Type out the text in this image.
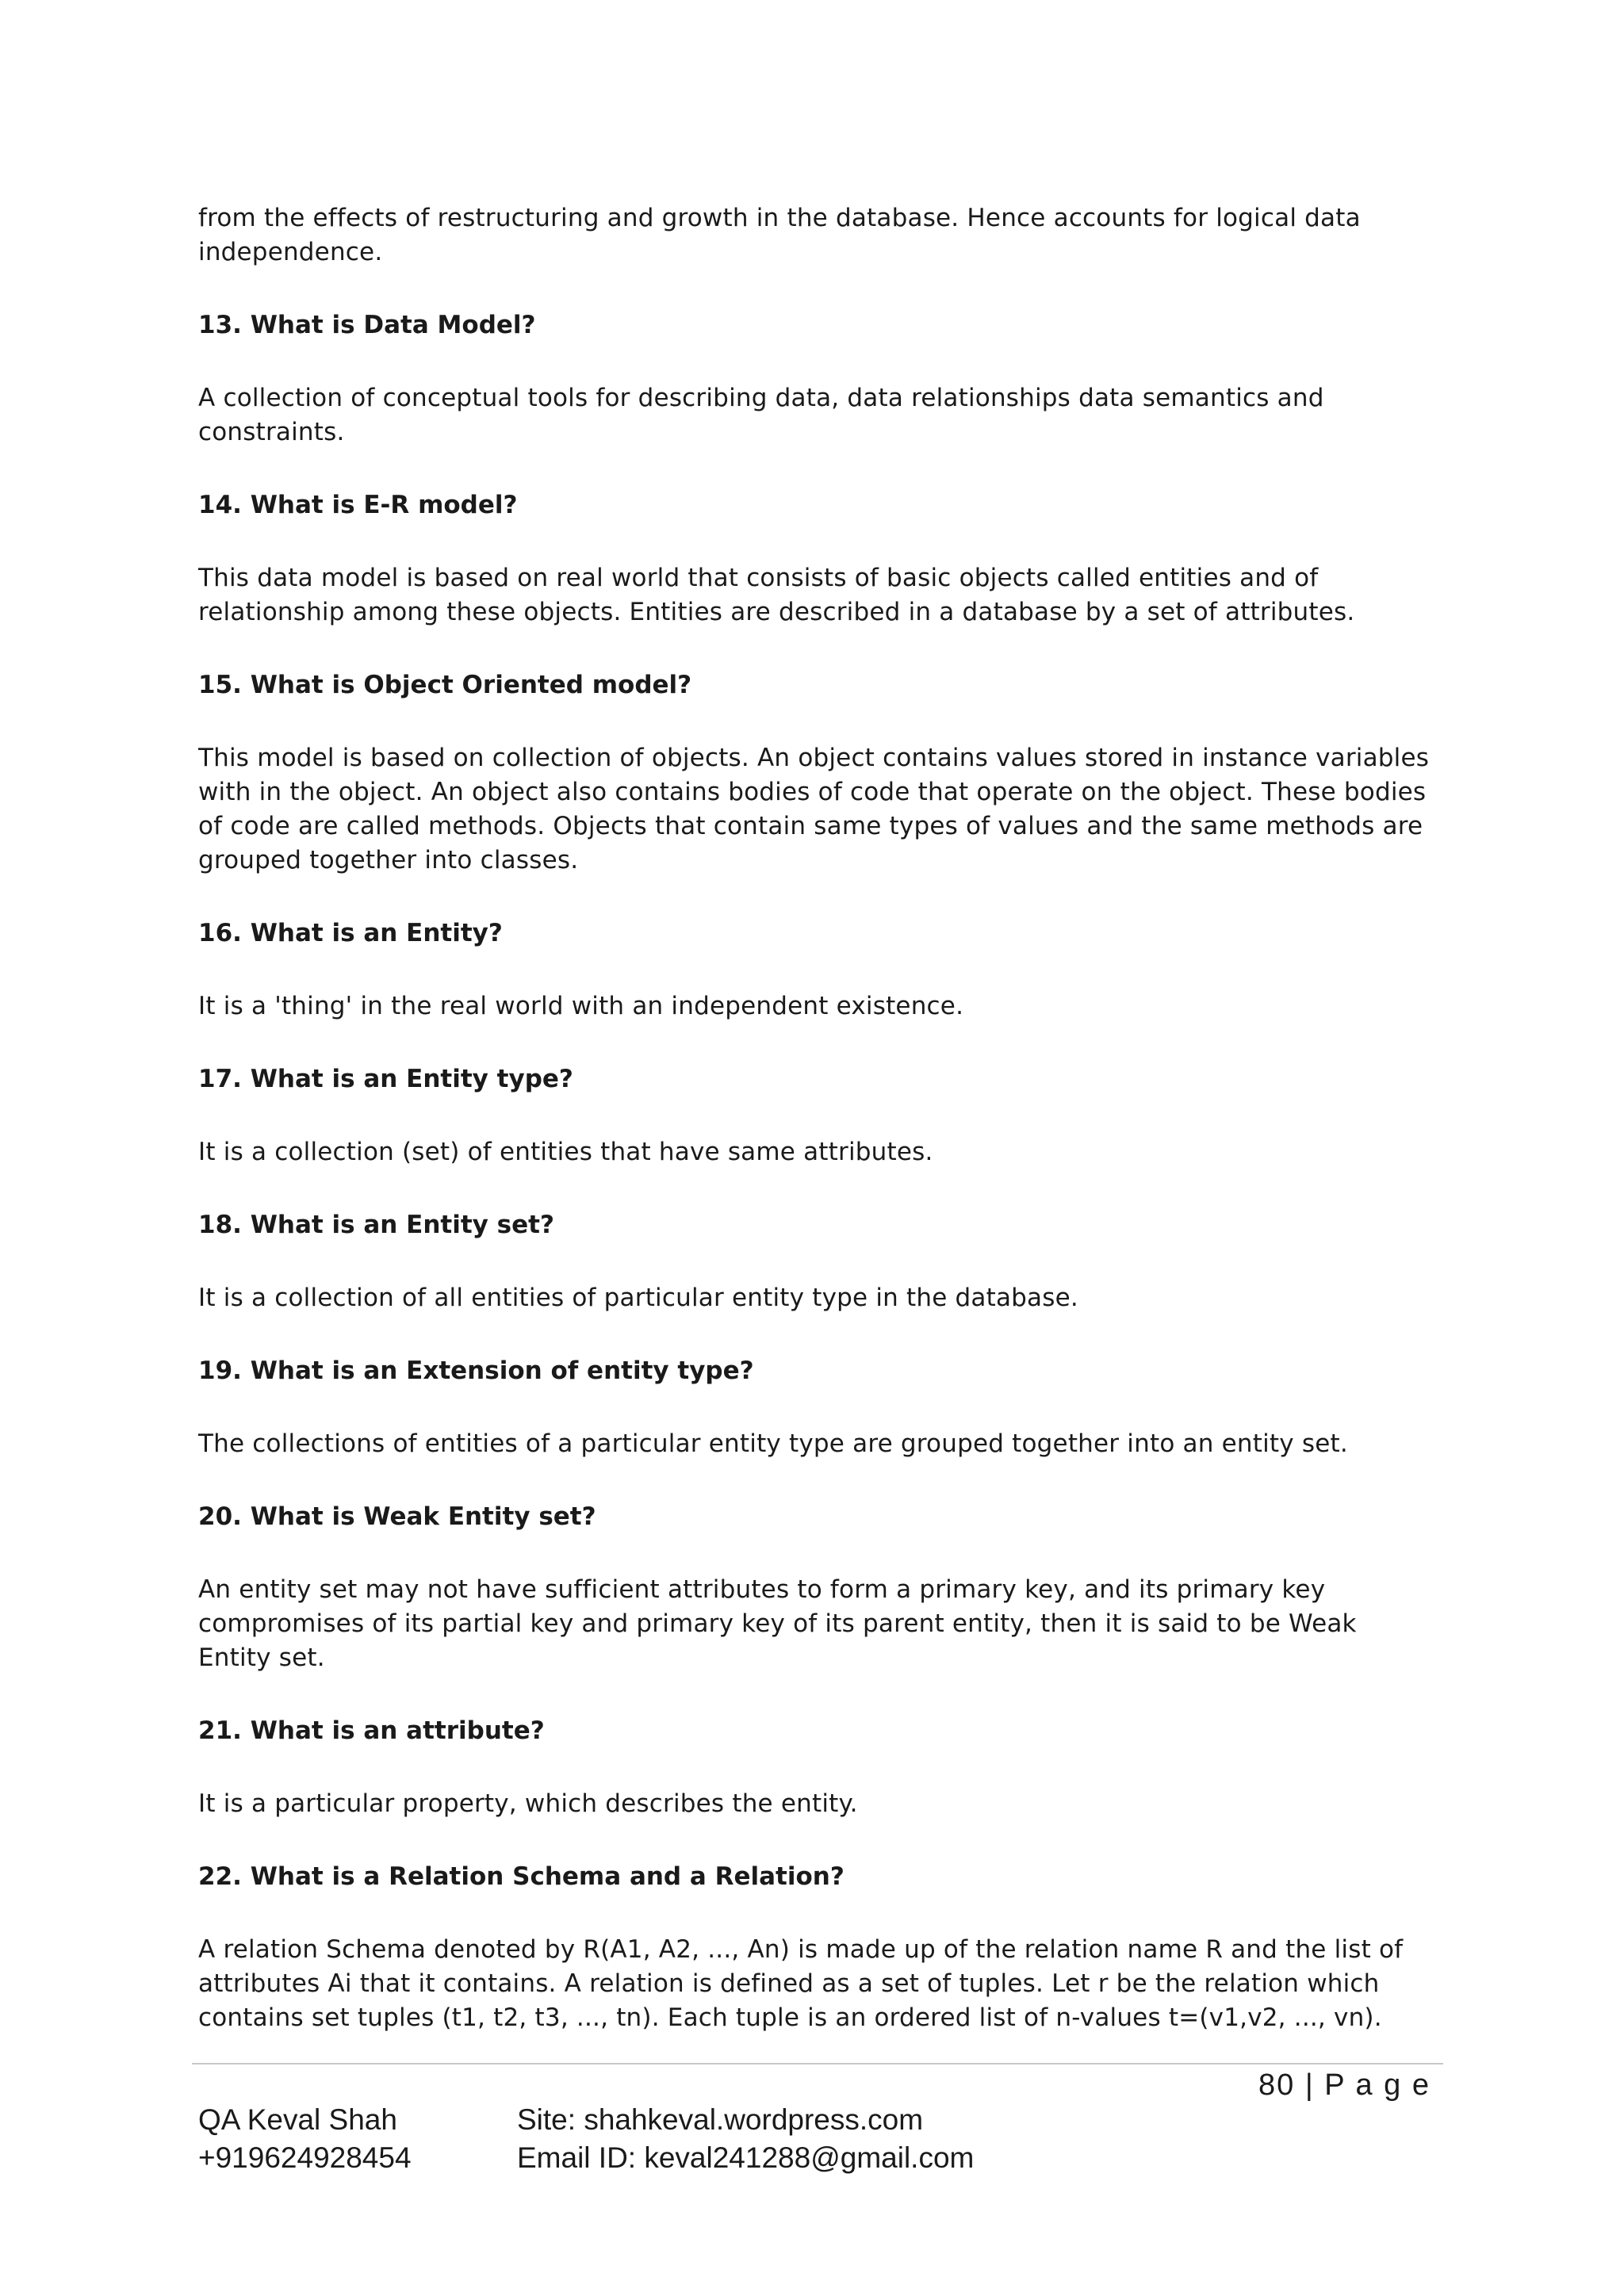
from the effects of restructuring and growth in the database. Hence accounts for logical data independence.

13. What is Data Model?

A collection of conceptual tools for describing data, data relationships data semantics and constraints.

14. What is E-R model?

This data model is based on real world that consists of basic objects called entities and of relationship among these objects. Entities are described in a database by a set of attributes.

15. What is Object Oriented model?

This model is based on collection of objects. An object contains values stored in instance variables with in the object. An object also contains bodies of code that operate on the object. These bodies of code are called methods. Objects that contain same types of values and the same methods are grouped together into classes.

16. What is an Entity?

It is a 'thing' in the real world with an independent existence.

17. What is an Entity type?

It is a collection (set) of entities that have same attributes.

18. What is an Entity set?

It is a collection of all entities of particular entity type in the database.

19. What is an Extension of entity type?

The collections of entities of a particular entity type are grouped together into an entity set.

20. What is Weak Entity set?

An entity set may not have sufficient attributes to form a primary key, and its primary key compromises of its partial key and primary key of its parent entity, then it is said to be Weak Entity set.

21. What is an attribute?

It is a particular property, which describes the entity.

22. What is a Relation Schema and a Relation?

A relation Schema denoted by R(A1, A2, ..., An) is made up of the relation name R and the list of attributes Ai that it contains. A relation is defined as a set of tuples. Let r be the relation which contains set tuples (t1, t2, t3, ..., tn). Each tuple is an ordered list of n-values t=(v1,v2, ..., vn).

80 | P a g e
QA Keval Shah
+919624928454
Site: shahkeval.wordpress.com
Email ID: keval241288@gmail.com
